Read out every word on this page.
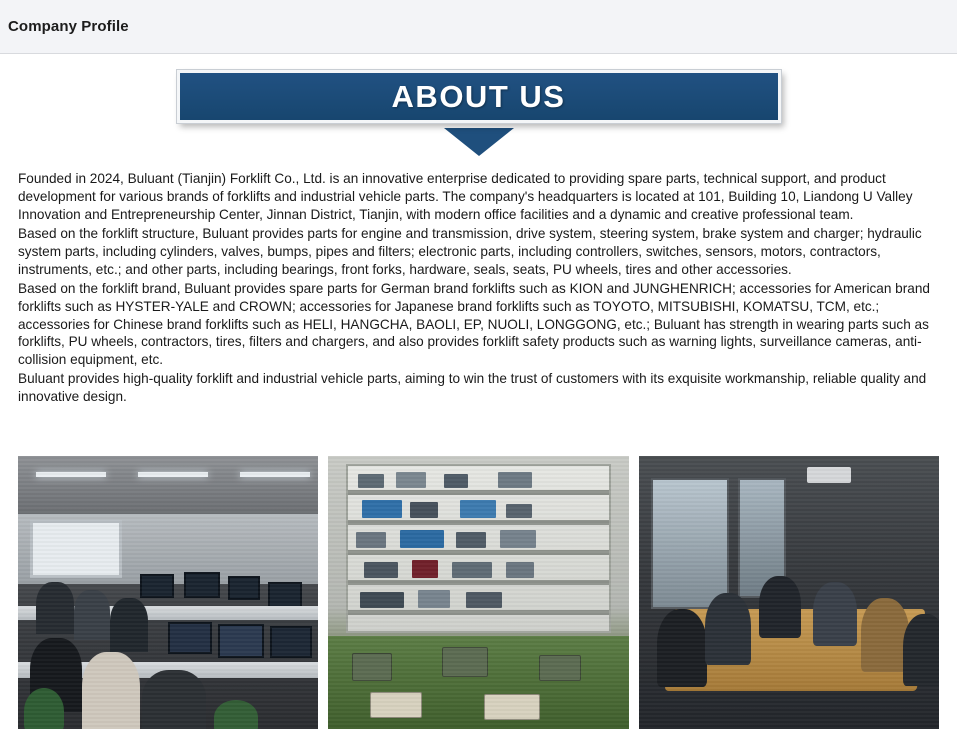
Company Profile
ABOUT US

Founded in 2024, Buluant (Tianjin) Forklift Co., Ltd. is an innovative enterprise dedicated to providing spare parts, technical support, and product development for various brands of forklifts and industrial vehicle parts. The company's headquarters is located at 101, Building 10, Liandong U Valley Innovation and Entrepreneurship Center, Jinnan District, Tianjin, with modern office facilities and a dynamic and creative professional team.

Based on the forklift structure, Buluant provides parts for engine and transmission, drive system, steering system, brake system and charger; hydraulic system parts, including cylinders, valves, bumps, pipes and filters; electronic parts, including controllers, switches, sensors, motors, contractors, instruments, etc.; and other parts, including bearings, front forks, hardware, seals, seats, PU wheels, tires and other accessories.

Based on the forklift brand, Buluant provides spare parts for German brand forklifts such as KION and JUNGHENRICH; accessories for American brand forklifts such as HYSTER-YALE and CROWN; accessories for Japanese brand forklifts such as TOYOTO, MITSUBISHI, KOMATSU, TCM, etc.; accessories for Chinese brand forklifts such as HELI, HANGCHA, BAOLI, EP, NUOLI, LONGGONG, etc.; Buluant has strength in wearing parts such as forklifts, PU wheels, contractors, tires, filters and chargers, and also provides forklift safety products such as warning lights, surveillance cameras, anti-collision equipment, etc.

Buluant provides high-quality forklift and industrial vehicle parts, aiming to win the trust of customers with its exquisite workmanship, reliable quality and innovative design.
